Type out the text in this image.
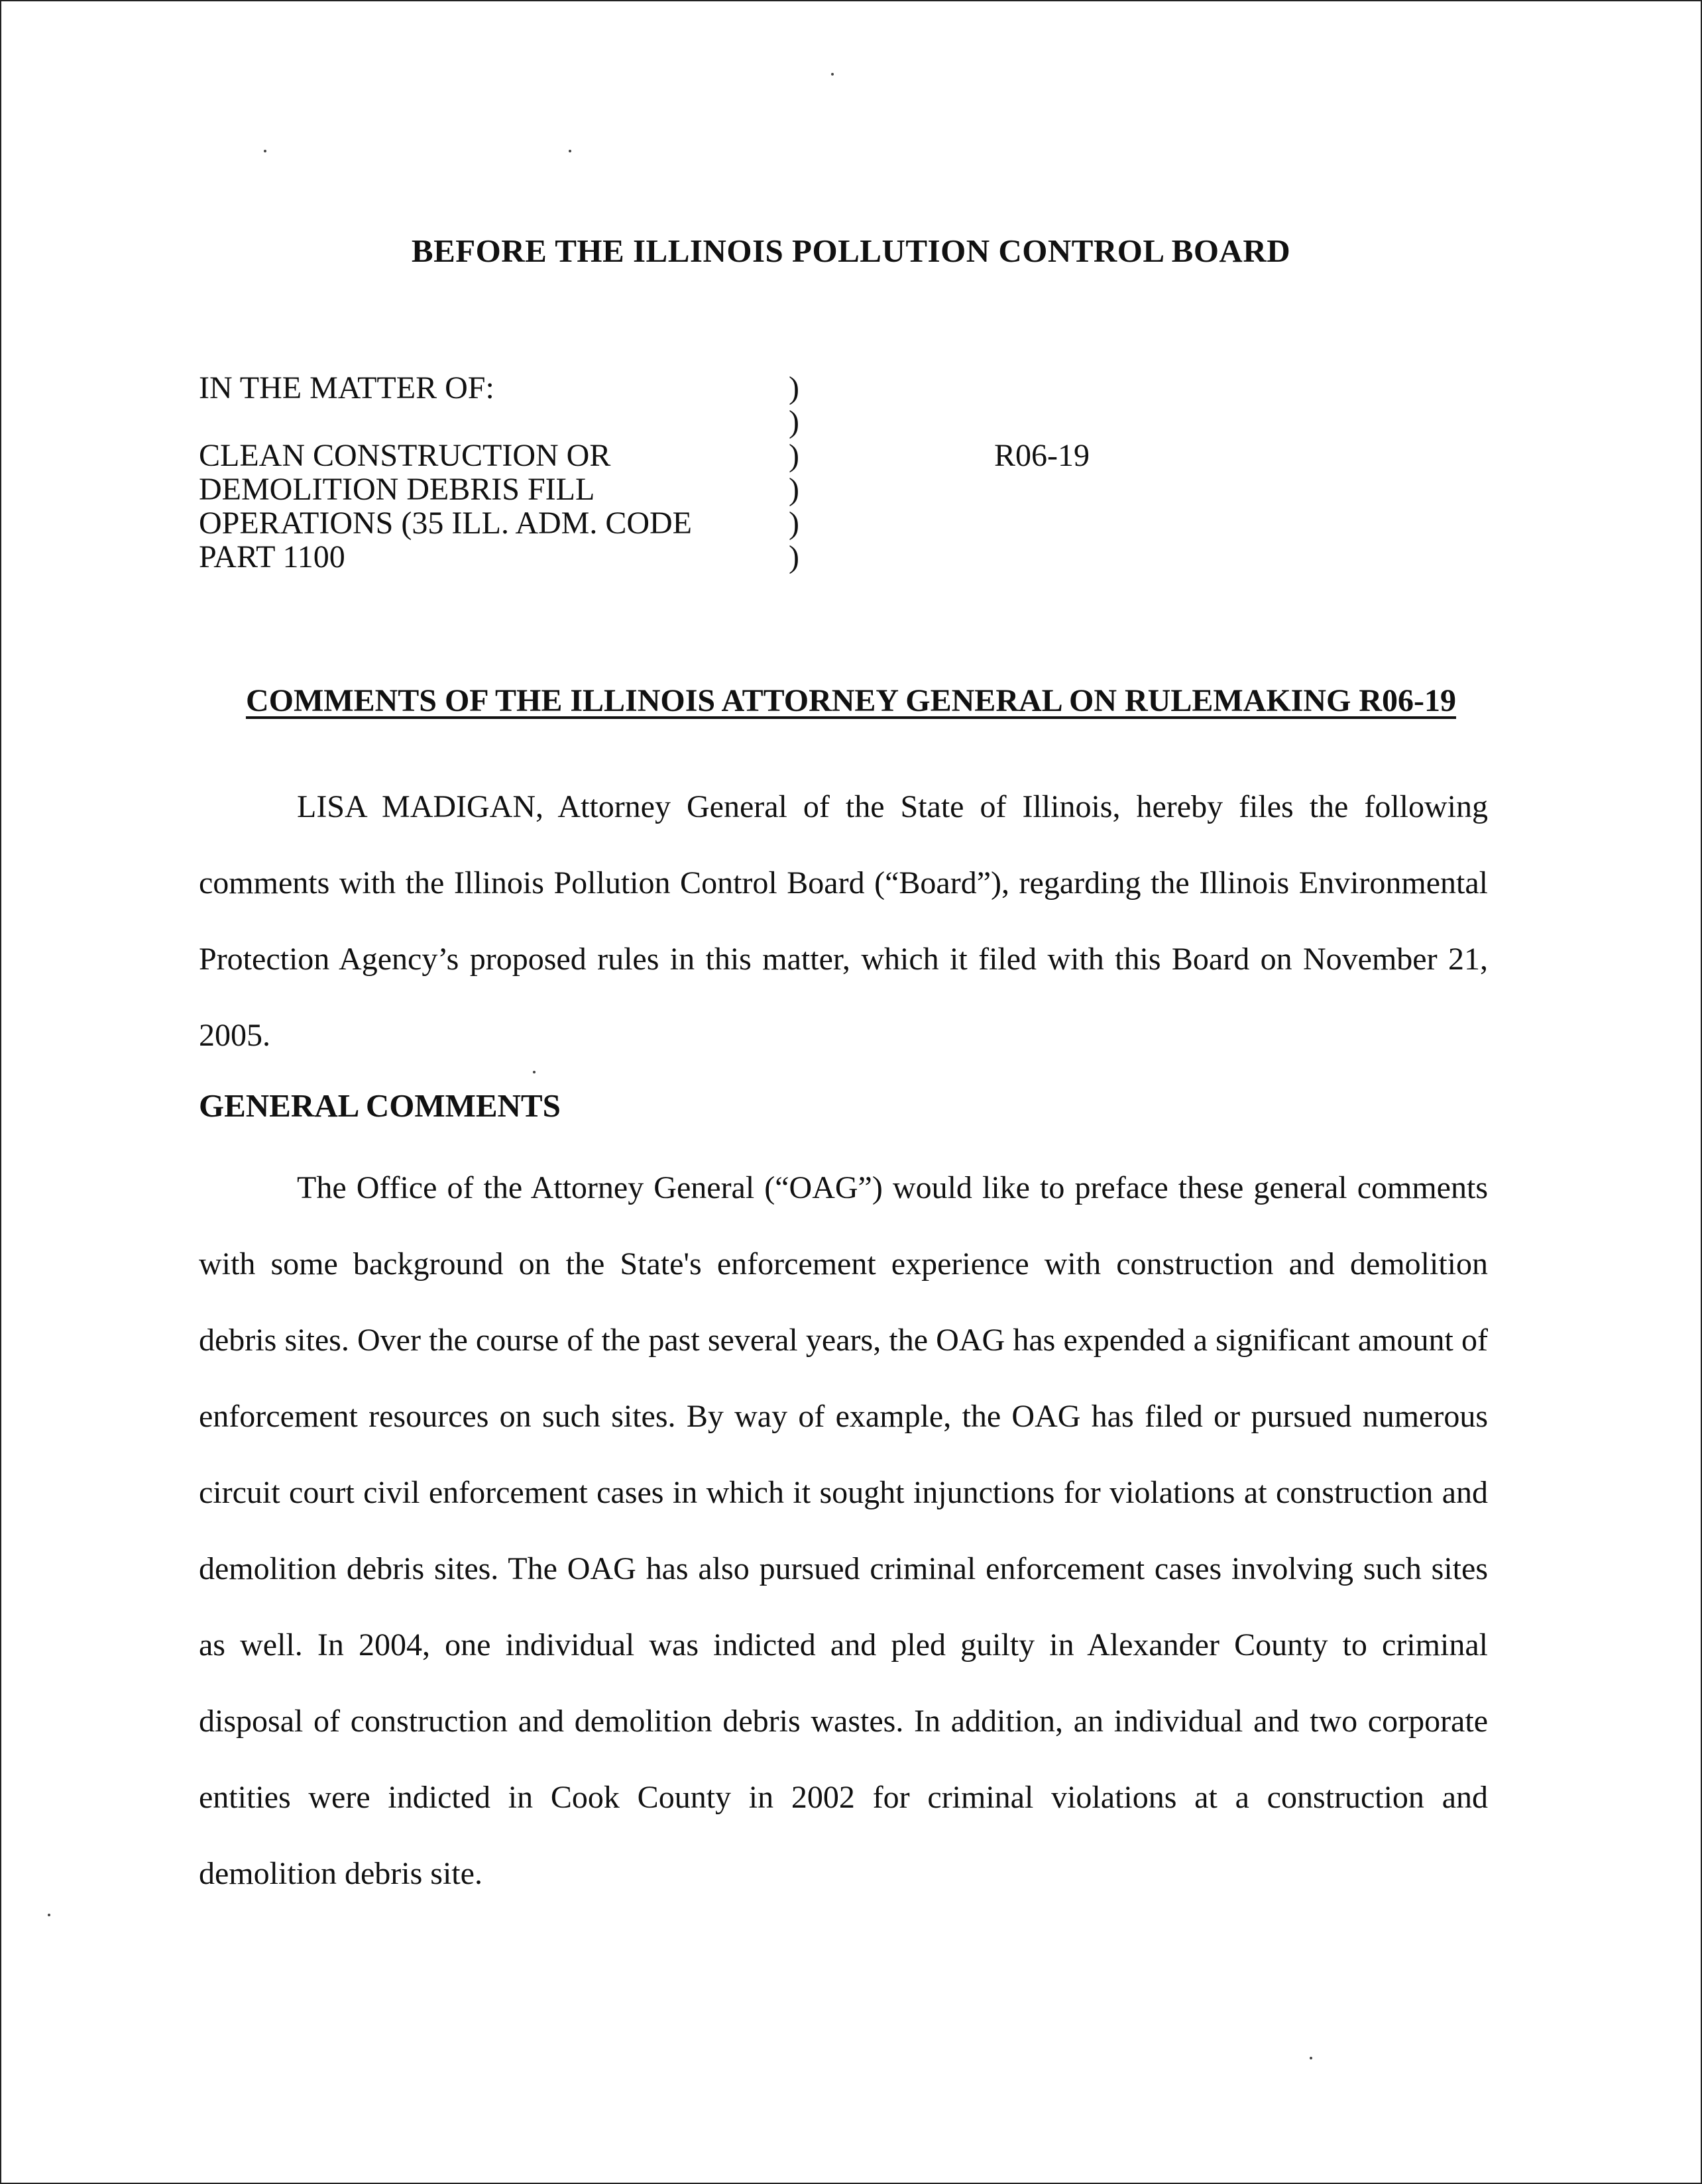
BEFORE THE ILLINOIS POLLUTION CONTROL BOARD
IN THE MATTER OF:
CLEAN CONSTRUCTION OR
DEMOLITION DEBRIS FILL
OPERATIONS (35 ILL. ADM. CODE
PART 1100
)
)
)
)
)
)
R06-19
COMMENTS OF THE ILLINOIS ATTORNEY GENERAL ON RULEMAKING R06-19

LISA MADIGAN, Attorney General of the State of Illinois, hereby files the following comments with the Illinois Pollution Control Board (“Board”), regarding the Illinois Environmental Protection Agency’s proposed rules in this matter, which it filed with this Board on November 21, 2005.

GENERAL COMMENTS

The Office of the Attorney General (“OAG”) would like to preface these general comments with some background on the State's enforcement experience with construction and demolition debris sites. Over the course of the past several years, the OAG has expended a significant amount of enforcement resources on such sites. By way of example, the OAG has filed or pursued numerous circuit court civil enforcement cases in which it sought injunctions for violations at construction and demolition debris sites. The OAG has also pursued criminal enforcement cases involving such sites as well. In 2004, one individual was indicted and pled guilty in Alexander County to criminal disposal of construction and demolition debris wastes. In addition, an individual and two corporate entities were indicted in Cook County in 2002 for criminal violations at a construction and demolition debris site.
